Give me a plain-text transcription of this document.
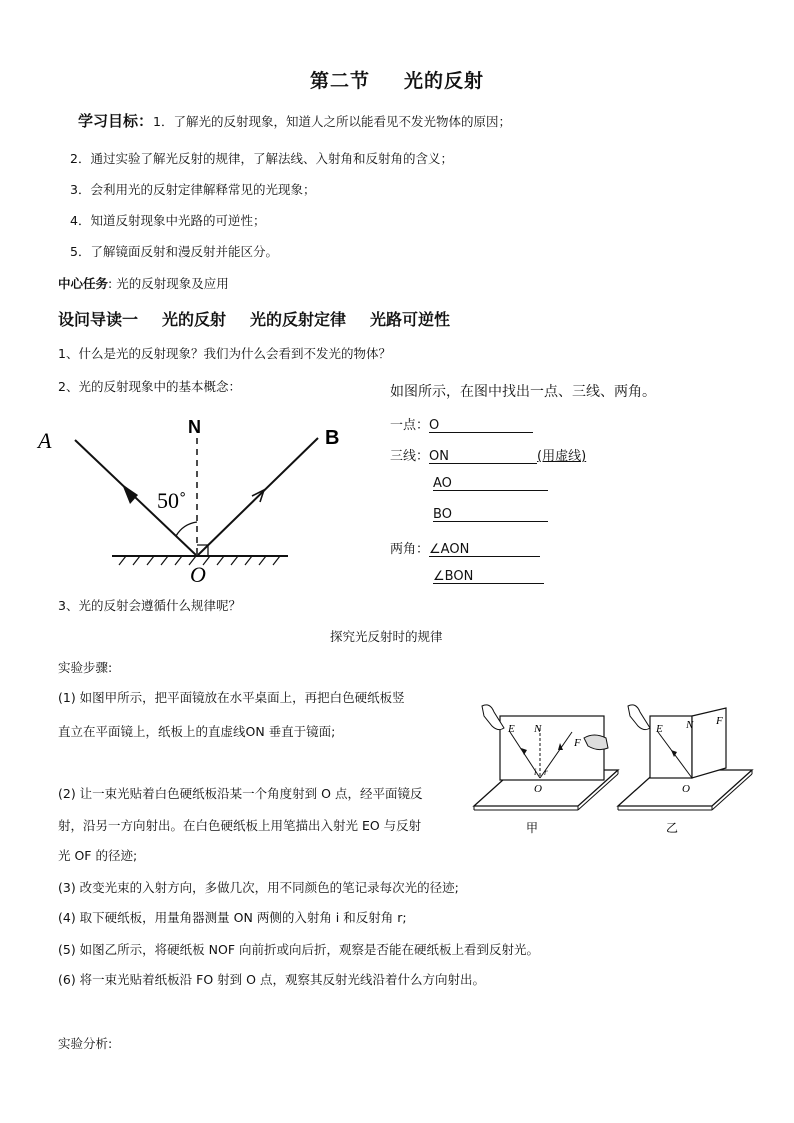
第二节 光的反射
学习目标：1．了解光的反射现象，知道人之所以能看见不发光物体的原因；
2．通过实验了解光反射的规律，了解法线、入射角和反射角的含义；
3．会利用光的反射定律解释常见的光现象；
4．知道反射现象中光路的可逆性；
5．了解镜面反射和漫反射并能区分。
中心任务: 光的反射现象及应用
设问导读一 光的反射 光的反射定律 光路可逆性
1、什么是光的反射现象？我们为什么会看到不发光的物体？
2、光的反射现象中的基本概念：
A	B
N
O
50˚
如图所示，在图中找出一点、三线、两角。
一点：O
三线：ON	(用虚线)
AO
BO
两角：∠AON
∠BON
3、光的反射会遵循什么规律呢？
探究光反射时的规律
实验步骤:
(1) 如图甲所示，把平面镜放在水平桌面上，再把白色硬纸板竖
直立在平面镜上，纸板上的直虚线ON 垂直于镜面;
(2) 让一束光贴着白色硬纸板沿某一个角度射到 O 点，经平面镜反
射，沿另一方向射出。在白色硬纸板上用笔描出入射光 EO 与反射
光 OF 的径迹;
(3) 改变光束的入射方向，多做几次，用不同颜色的笔记录每次光的径迹;
(4) 取下硬纸板，用量角器测量 ON 两侧的入射角 i 和反射角 r;
(5) 如图乙所示，将硬纸板 NOF 向前折或向后折，观察是否能在硬纸板上看到反射光。
(6) 将一束光贴着纸板沿 FO 射到 O 点，观察其反射光线沿着什么方向射出。
实验分析:
E N
F
i r
O
甲
E N F
O
乙
